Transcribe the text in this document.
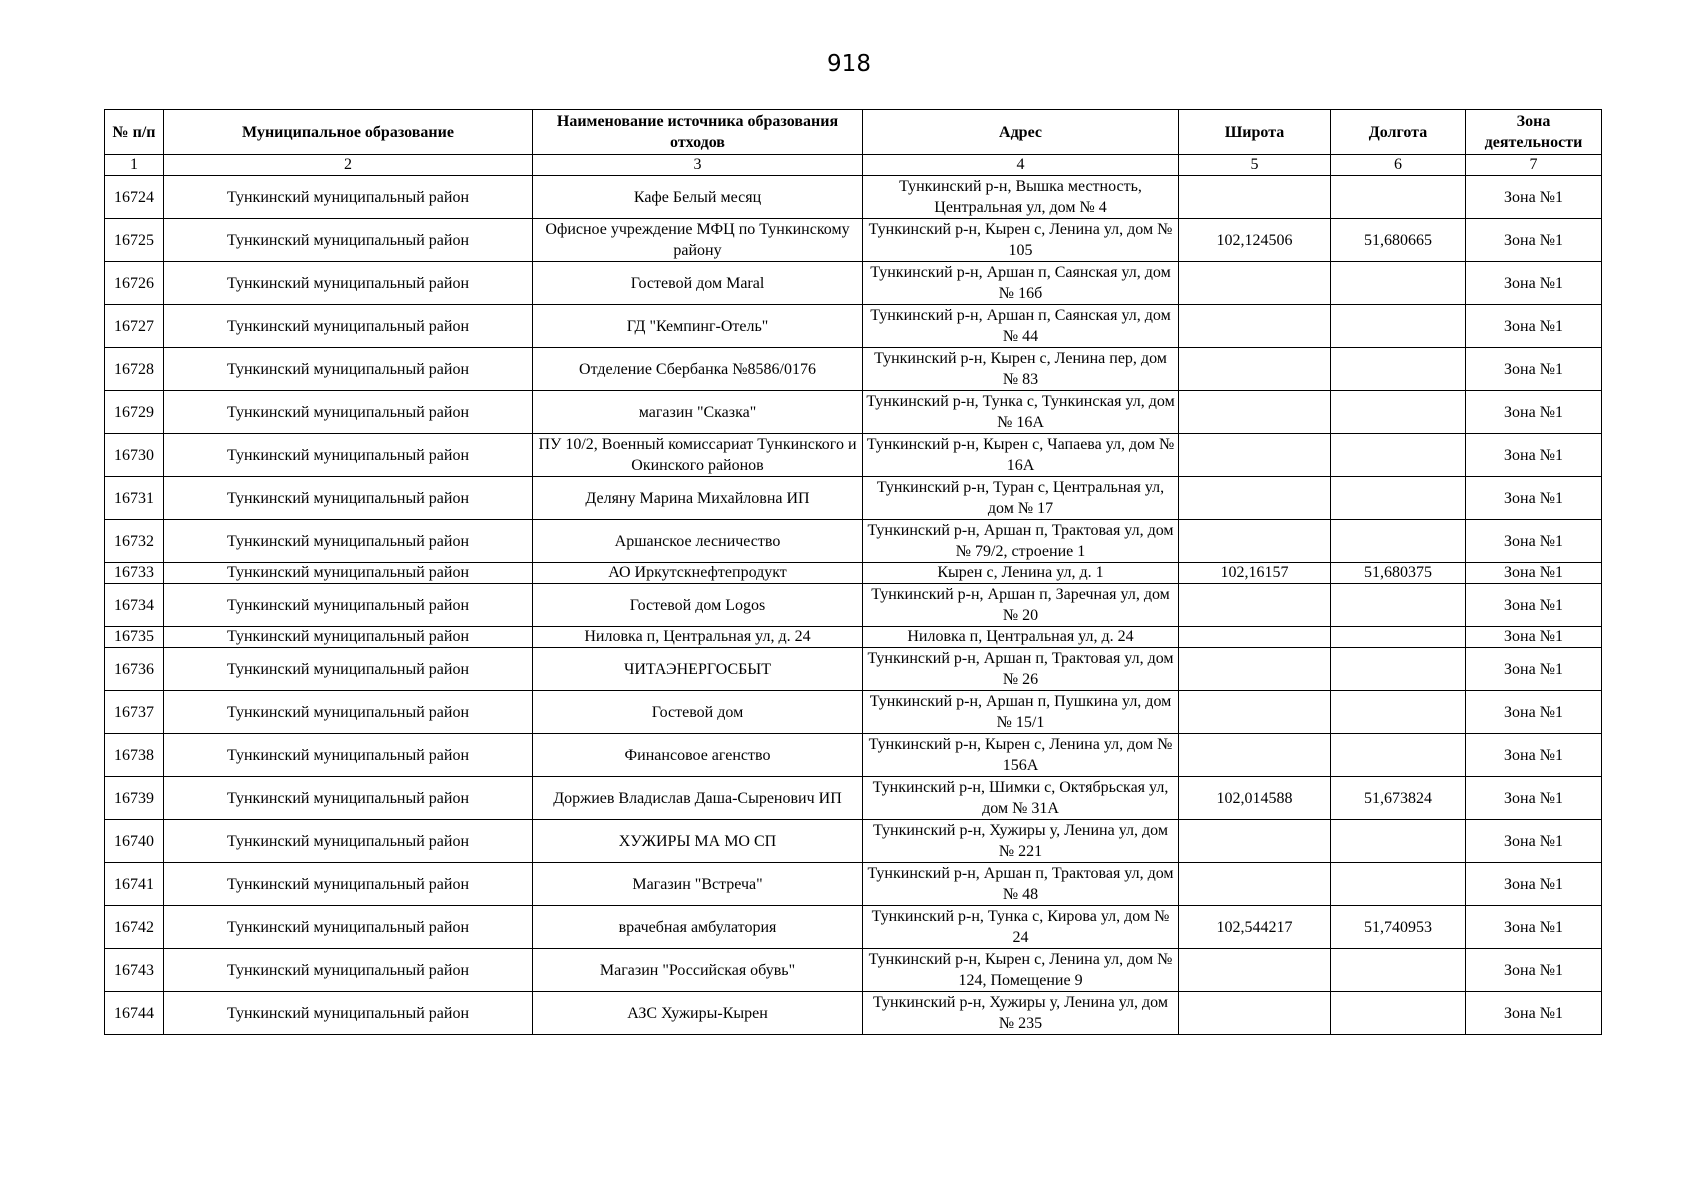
918
№ п/п	Муниципальное образование	Наименование источника образования отходов	Адрес	Широта	Долгота	Зона деятельности
1	2	3	4	5	6	7
16724	Тункинский муниципальный район	Кафе Белый месяц	Тункинский р-н, Вышка местность, Центральная ул, дом № 4			Зона №1
16725	Тункинский муниципальный район	Офисное учреждение МФЦ по Тункинскому району	Тункинский р-н, Кырен с, Ленина ул, дом № 105	102,124506	51,680665	Зона №1
16726	Тункинский муниципальный район	Гостевой дом Maral	Тункинский р-н, Аршан п, Саянская ул, дом № 16б			Зона №1
16727	Тункинский муниципальный район	ГД "Кемпинг-Отель"	Тункинский р-н, Аршан п, Саянская ул, дом № 44			Зона №1
16728	Тункинский муниципальный район	Отделение Сбербанка №8586/0176	Тункинский р-н, Кырен с, Ленина пер, дом № 83			Зона №1
16729	Тункинский муниципальный район	магазин "Сказка"	Тункинский р-н, Тунка с, Тункинская ул, дом № 16А			Зона №1
16730	Тункинский муниципальный район	ПУ 10/2, Военный комиссариат Тункинского и Окинского районов	Тункинский р-н, Кырен с, Чапаева ул, дом № 16А			Зона №1
16731	Тункинский муниципальный район	Деляну Марина Михайловна ИП	Тункинский р-н, Туран с, Центральная ул, дом № 17			Зона №1
16732	Тункинский муниципальный район	Аршанское лесничество	Тункинский р-н, Аршан п, Трактовая ул, дом № 79/2, строение 1			Зона №1
16733	Тункинский муниципальный район	АО Иркутскнефтепродукт	Кырен с, Ленина ул, д. 1	102,16157	51,680375	Зона №1
16734	Тункинский муниципальный район	Гостевой дом Logos	Тункинский р-н, Аршан п, Заречная ул, дом № 20			Зона №1
16735	Тункинский муниципальный район	Ниловка п, Центральная ул, д. 24	Ниловка п, Центральная ул, д. 24			Зона №1
16736	Тункинский муниципальный район	ЧИТАЭНЕРГОСБЫТ	Тункинский р-н, Аршан п, Трактовая ул, дом № 26			Зона №1
16737	Тункинский муниципальный район	Гостевой дом	Тункинский р-н, Аршан п, Пушкина ул, дом № 15/1			Зона №1
16738	Тункинский муниципальный район	Финансовое агенство	Тункинский р-н, Кырен с, Ленина ул, дом № 156А			Зона №1
16739	Тункинский муниципальный район	Доржиев Владислав Даша-Сыренович ИП	Тункинский р-н, Шимки с, Октябрьская ул, дом № 31А	102,014588	51,673824	Зона №1
16740	Тункинский муниципальный район	ХУЖИРЫ МА МО СП	Тункинский р-н, Хужиры у, Ленина ул, дом № 221			Зона №1
16741	Тункинский муниципальный район	Магазин "Встреча"	Тункинский р-н, Аршан п, Трактовая ул, дом № 48			Зона №1
16742	Тункинский муниципальный район	врачебная амбулатория	Тункинский р-н, Тунка с, Кирова ул, дом № 24	102,544217	51,740953	Зона №1
16743	Тункинский муниципальный район	Магазин "Российская обувь"	Тункинский р-н, Кырен с, Ленина ул, дом № 124, Помещение 9			Зона №1
16744	Тункинский муниципальный район	АЗС Хужиры-Кырен	Тункинский р-н, Хужиры у, Ленина ул, дом № 235			Зона №1
